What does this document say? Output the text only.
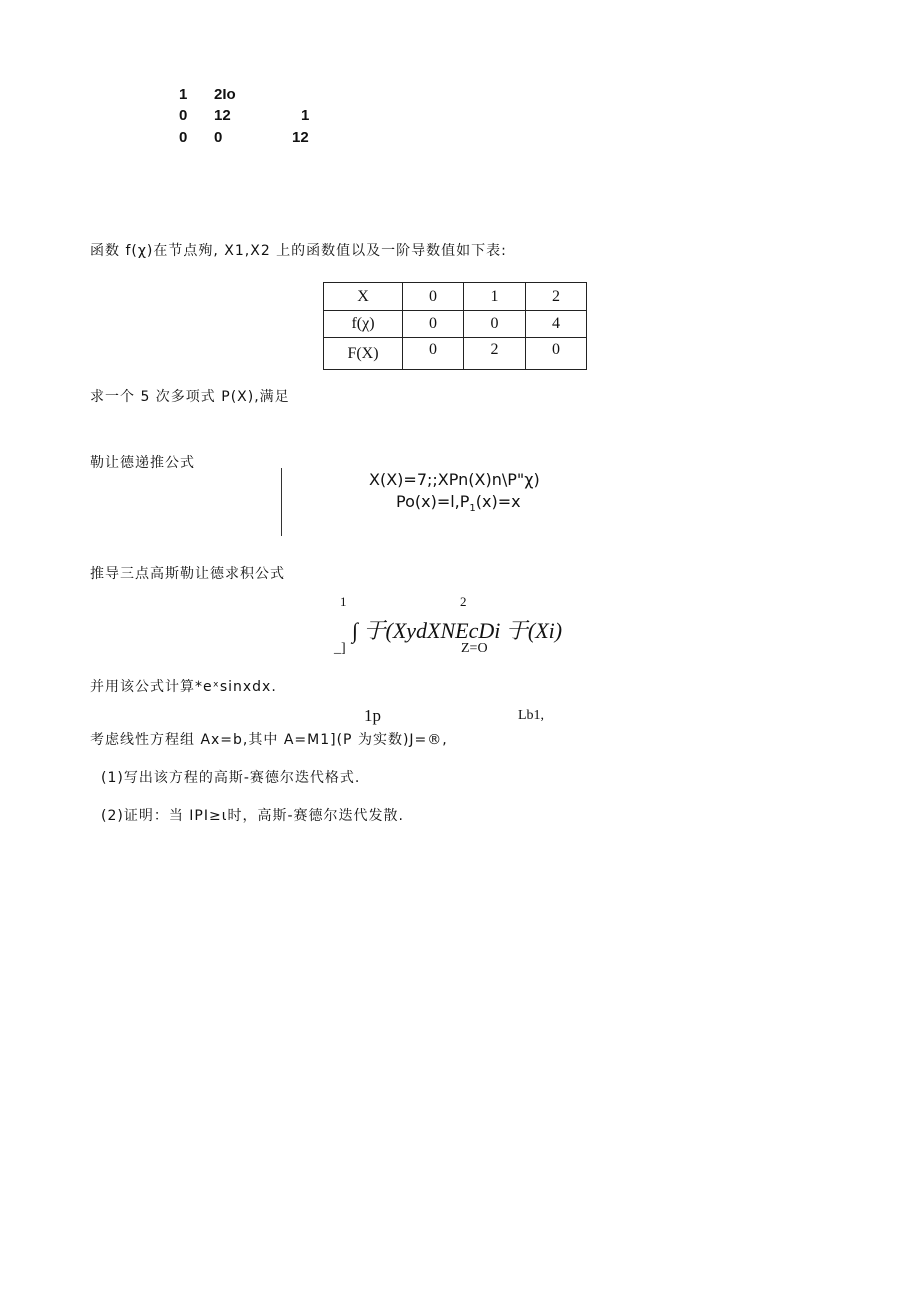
1 2Io
0 12	1
0 0	12
函数 f(χ)在节点殉, X1,X2 上的函数值以及一阶导数值如下表:
X	0	1	2
f(χ)	0	0	4
F(X)	0	2	0
求一个 5 次多项式 P(X),满足
勒让德递推公式
X(X)=7;;XPn(X)n\P"χ)
$Po(x)=l,P_1(x)=x$
推导三点高斯勒让德求积公式
1	2
∫ 于(XydXNEcDi 于(Xi)
_]	Z=O
并用该公式计算*eˣsinxdx.
1p	Lb1,
考虑线性方程组 Ax=b,其中 A=M1](P 为实数)J=®,
(1)写出该方程的高斯-赛德尔迭代格式.
(2)证明：当 IPI≥ι时，高斯-赛德尔迭代发散.
